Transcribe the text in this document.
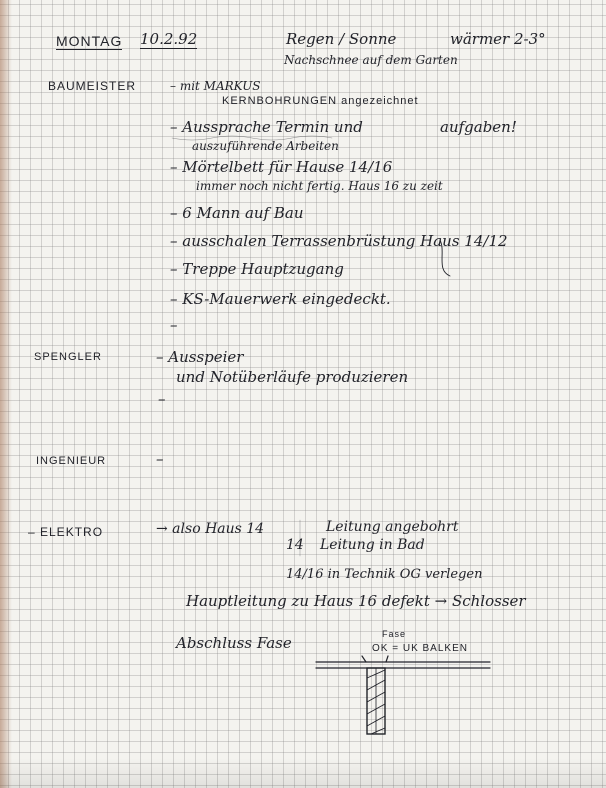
MONTAG 10.2.92	Regen / Sonne	wärmer 2-3°
Nachschnee auf dem Garten
BAUMEISTER	– mit MARKUS
KERNBOHRUNGEN angezeichnet
– Aussprache Termin und	aufgaben!
auszuführende Arbeiten
– Mörtelbett für Hause 14/16
immer noch nicht fertig. Haus 16 zu zeit
– 6 Mann auf Bau
– ausschalen Terrassenbrüstung Haus 14/12
– Treppe Hauptzugang
– KS-Mauerwerk eingedeckt.
–
SPENGLER	– Ausspeier
und Notüberläufe produzieren
–
INGENIEUR	–
– ELEKTRO	→ also Haus 14	Leitung angebohrt
14 Leitung in Bad
14/16 in Technik OG verlegen
Hauptleitung zu Haus 16 defekt → Schlosser
Abschluss Fase	Fase
OK = UK BALKEN
